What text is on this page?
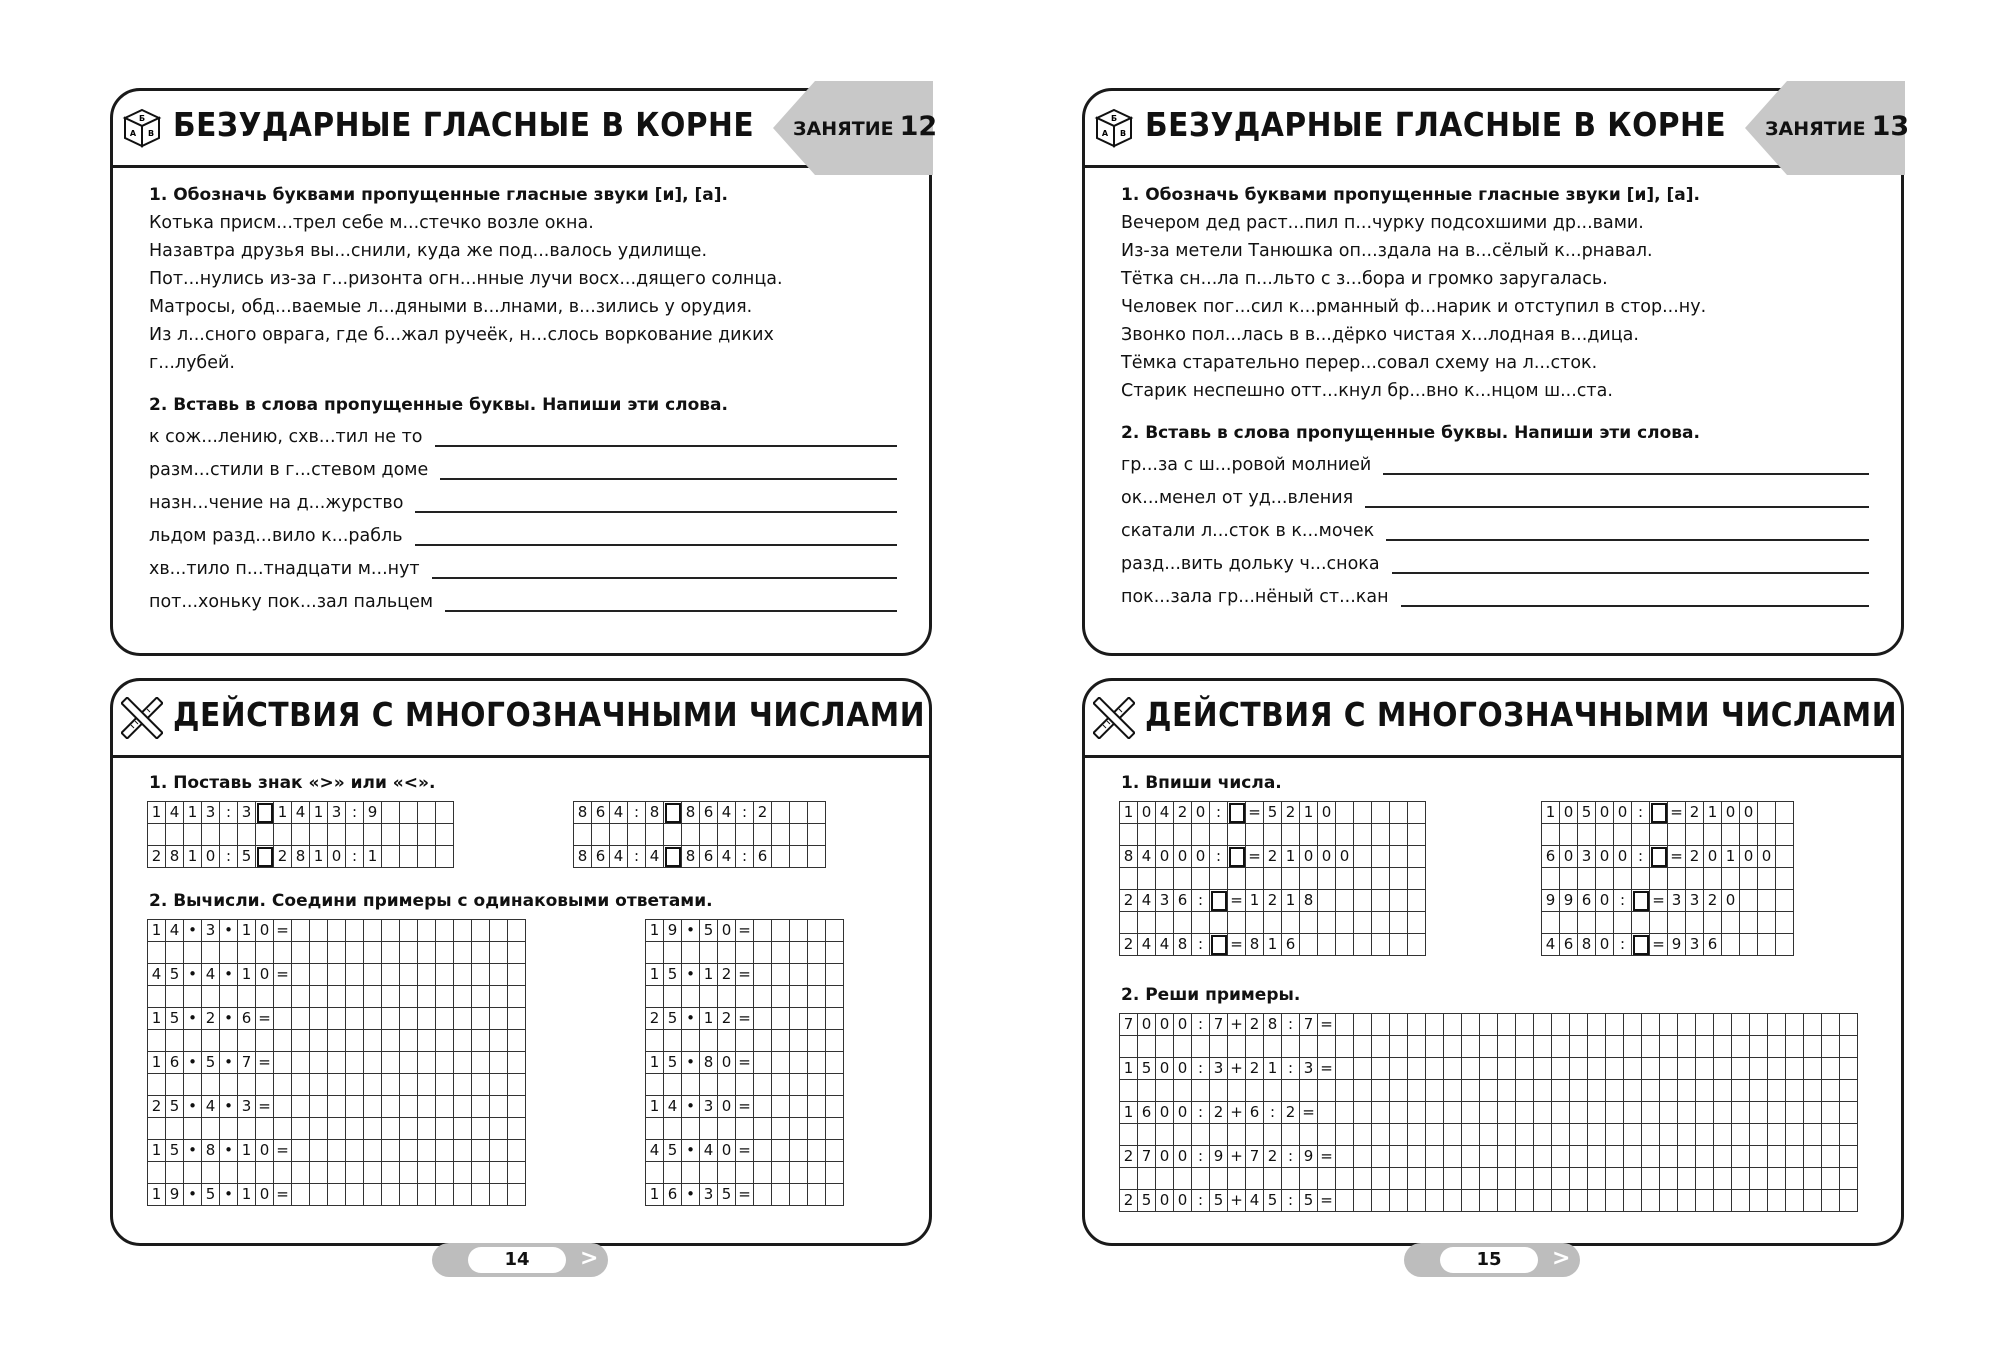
Б
А В БЕЗУДАРНЫЕ ГЛАСНЫЕ В КОРНЕ ЗАНЯТИЕ 12
1. Обозначь буквами пропущенные гласные звуки [и], [а].
Котька присм...трел себе м...стечко возле окна.
Назавтра друзья вы...снили, куда же под...валось удилище.
Пот...нулись из-за г...ризонта огн...нные лучи восх...дящего солнца.
Матросы, обд...ваемые л...дяными в...лнами, в...зились у орудия.
Из л...сного оврага, где б...жал ручеёк, н...слось воркование диких
г...лубей.
2. Вставь в слова пропущенные буквы. Напиши эти слова.
к сож...лению, схв...тил не то
разм...стили в г...стевом доме
назн...чение на д...журство
льдом разд...вило к...рабль
хв...тило п...тнадцати м...нут
пот...хоньку пок...зал пальцем
ДЕЙСТВИЯ С МНОГОЗНАЧНЫМИ ЧИСЛАМИ
1. Поставь знак «>» или «<».
1 4 1 3 : 3	1 4 1 3 : 9
2 8 1 0 : 5	2 8 1 0 : 1
8 6 4 : 8	8 6 4 : 2
8 6 4 : 4	8 6 4 : 6
2. Вычисли. Соедини примеры с одинаковыми ответами.
1 4 • 3 • 1 0 =
4 5 • 4 • 1 0 =
1 5 • 2 • 6 =
1 6 • 5 • 7 =
2 5 • 4 • 3 =
1 5 • 8 • 1 0 =
1 9 • 5 • 1 0 =
1 9 • 5 0 =
1 5 • 1 2 =
2 5 • 1 2 =
1 5 • 8 0 =
1 4 • 3 0 =
4 5 • 4 0 =
1 6 • 3 5 =
14	>
Б
А В БЕЗУДАРНЫЕ ГЛАСНЫЕ В КОРНЕ ЗАНЯТИЕ 13
1. Обозначь буквами пропущенные гласные звуки [и], [а].
Вечером дед раст...пил п...чурку подсохшими др...вами.
Из-за метели Танюшка оп...здала на в...сёлый к...рнавал.
Тётка сн...ла п...льто с з...бора и громко заругалась.
Человек пог...сил к...рманный ф...нарик и отступил в стор...ну.
Звонко пол...лась в в...дёрко чистая х...лодная в...дица.
Тёмка старательно перер...совал схему на л...сток.
Старик неспешно отт...кнул бр...вно к...нцом ш...ста.
2. Вставь в слова пропущенные буквы. Напиши эти слова.
гр...за с ш...ровой молнией
ок...менел от уд...вления
скатали л...сток в к...мочек
разд...вить дольку ч...снока
пок...зала гр...нёный ст...кан
ДЕЙСТВИЯ С МНОГОЗНАЧНЫМИ ЧИСЛАМИ
1. Впиши числа.
1 0 4 2 0 :	= 5 2 1 0
8 4 0 0 0 :	= 2 1 0 0 0
2 4 3 6 :	= 1 2 1 8
2 4 4 8 :	= 8 1 6
1 0 5 0 0 :	= 2 1 0 0
6 0 3 0 0 :	= 2 0 1 0 0
9 9 6 0 :	= 3 3 2 0
4 6 8 0 :	= 9 3 6
2. Реши примеры.
7 0 0 0 : 7 + 2 8 : 7 =
1 5 0 0 : 3 + 2 1 : 3 =
1 6 0 0 : 2 + 6 : 2 =
2 7 0 0 : 9 + 7 2 : 9 =
2 5 0 0 : 5 + 4 5 : 5 =
15	>
